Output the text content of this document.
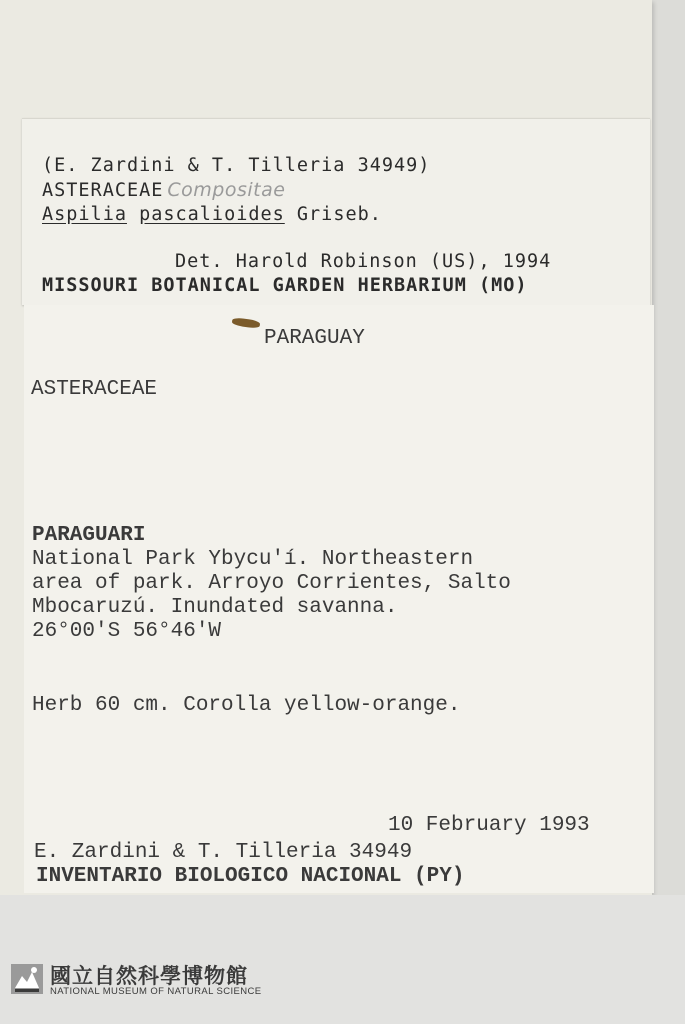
(E. Zardini & T. Tilleria 34949)
ASTERACEAE Compositae
Aspilia pascalioides Griseb.
Det. Harold Robinson (US), 1994
MISSOURI BOTANICAL GARDEN HERBARIUM (MO)
PARAGUAY
ASTERACEAE
PARAGUARI
National Park Ybycu'í. Northeastern
area of park. Arroyo Corrientes, Salto
Mbocaruzú. Inundated savanna.
26°00'S 56°46'W
Herb 60 cm. Corolla yellow-orange.
10 February 1993
E. Zardini & T. Tilleria 34949
INVENTARIO BIOLOGICO NACIONAL (PY)
國立自然科學博物館
NATIONAL MUSEUM OF NATURAL SCIENCE
